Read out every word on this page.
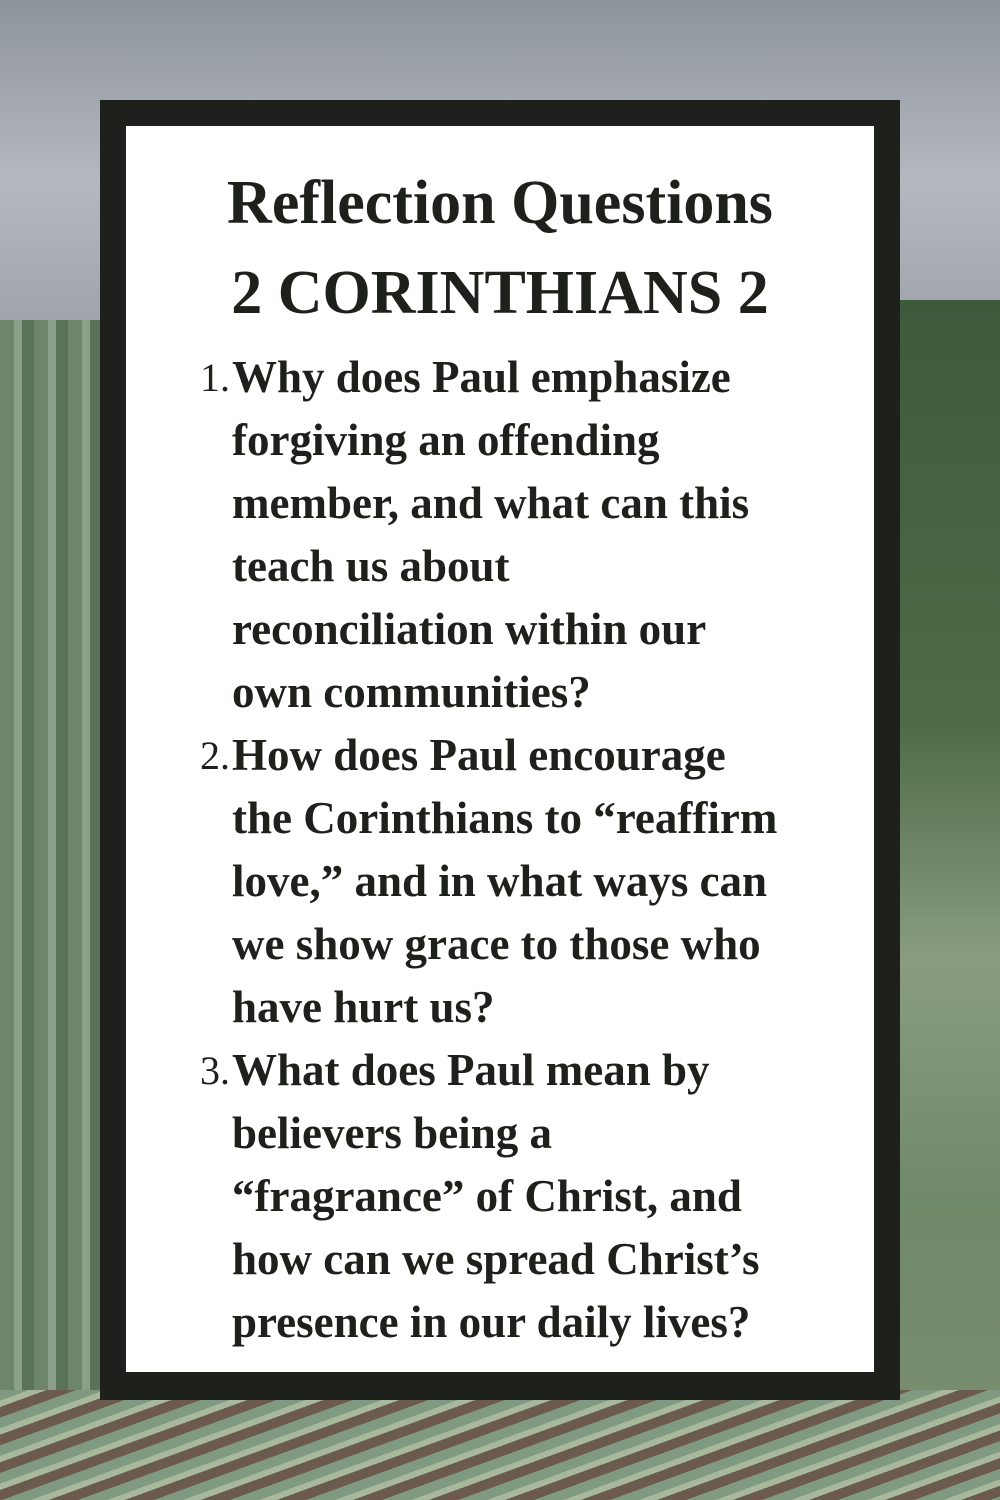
Reflection Questions
2 CORINTHIANS 2
1. Why does Paul emphasize
forgiving an offending
member, and what can this
teach us about
reconciliation within our
own communities?
2. How does Paul encourage
the Corinthians to “reaffirm
love,” and in what ways can
we show grace to those who
have hurt us?
3. What does Paul mean by
believers being a
“fragrance” of Christ, and
how can we spread Christ’s
presence in our daily lives?
